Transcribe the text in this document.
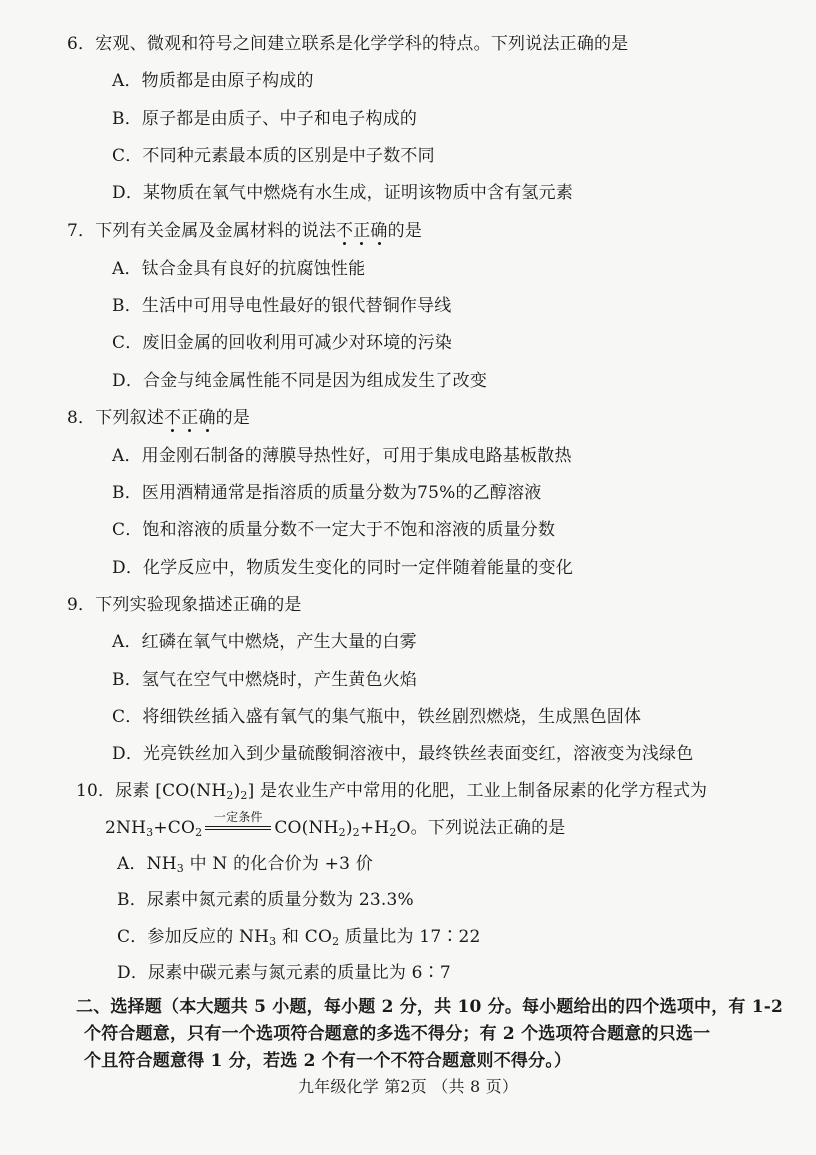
6．宏观、微观和符号之间建立联系是化学学科的特点。下列说法正确的是
A．物质都是由原子构成的
B．原子都是由质子、中子和电子构成的
C．不同种元素最本质的区别是中子数不同
D．某物质在氧气中燃烧有水生成，证明该物质中含有氢元素
7．下列有关金属及金属材料的说法不正确的是
A．钛合金具有良好的抗腐蚀性能
B．生活中可用导电性最好的银代替铜作导线
C．废旧金属的回收利用可减少对环境的污染
D．合金与纯金属性能不同是因为组成发生了改变
8．下列叙述不正确的是
A．用金刚石制备的薄膜导热性好，可用于集成电路基板散热
B．医用酒精通常是指溶质的质量分数为75%的乙醇溶液
C．饱和溶液的质量分数不一定大于不饱和溶液的质量分数
D．化学反应中，物质发生变化的同时一定伴随着能量的变化
9．下列实验现象描述正确的是
A．红磷在氧气中燃烧，产生大量的白雾
B．氢气在空气中燃烧时，产生黄色火焰
C．将细铁丝插入盛有氧气的集气瓶中，铁丝剧烈燃烧，生成黑色固体
D．光亮铁丝加入到少量硫酸铜溶液中，最终铁丝表面变红，溶液变为浅绿色
10．尿素 $[CO(NH_2)_2]$ 是农业生产中常用的化肥，工业上制备尿素的化学方程式为
$2NH_3+CO_2$
一定条件
$CO(NH_2)_2+H_2O$。下列说法正确的是
A．$NH_3$ 中 N 的化合价为 +3 价
B．尿素中氮元素的质量分数为 23.3%
C．参加反应的 $NH_3$ 和 $CO_2$ 质量比为 17∶22
D．尿素中碳元素与氮元素的质量比为 6∶7
二、选择题（本大题共 5 小题，每小题 2 分，共 10 分。每小题给出的四个选项中，有 1-2
个符合题意，只有一个选项符合题意的多选不得分；有 2 个选项符合题意的只选一
个且符合题意得 1 分，若选 2 个有一个不符合题意则不得分。）
九年级化学 第2页 （共 8 页）
